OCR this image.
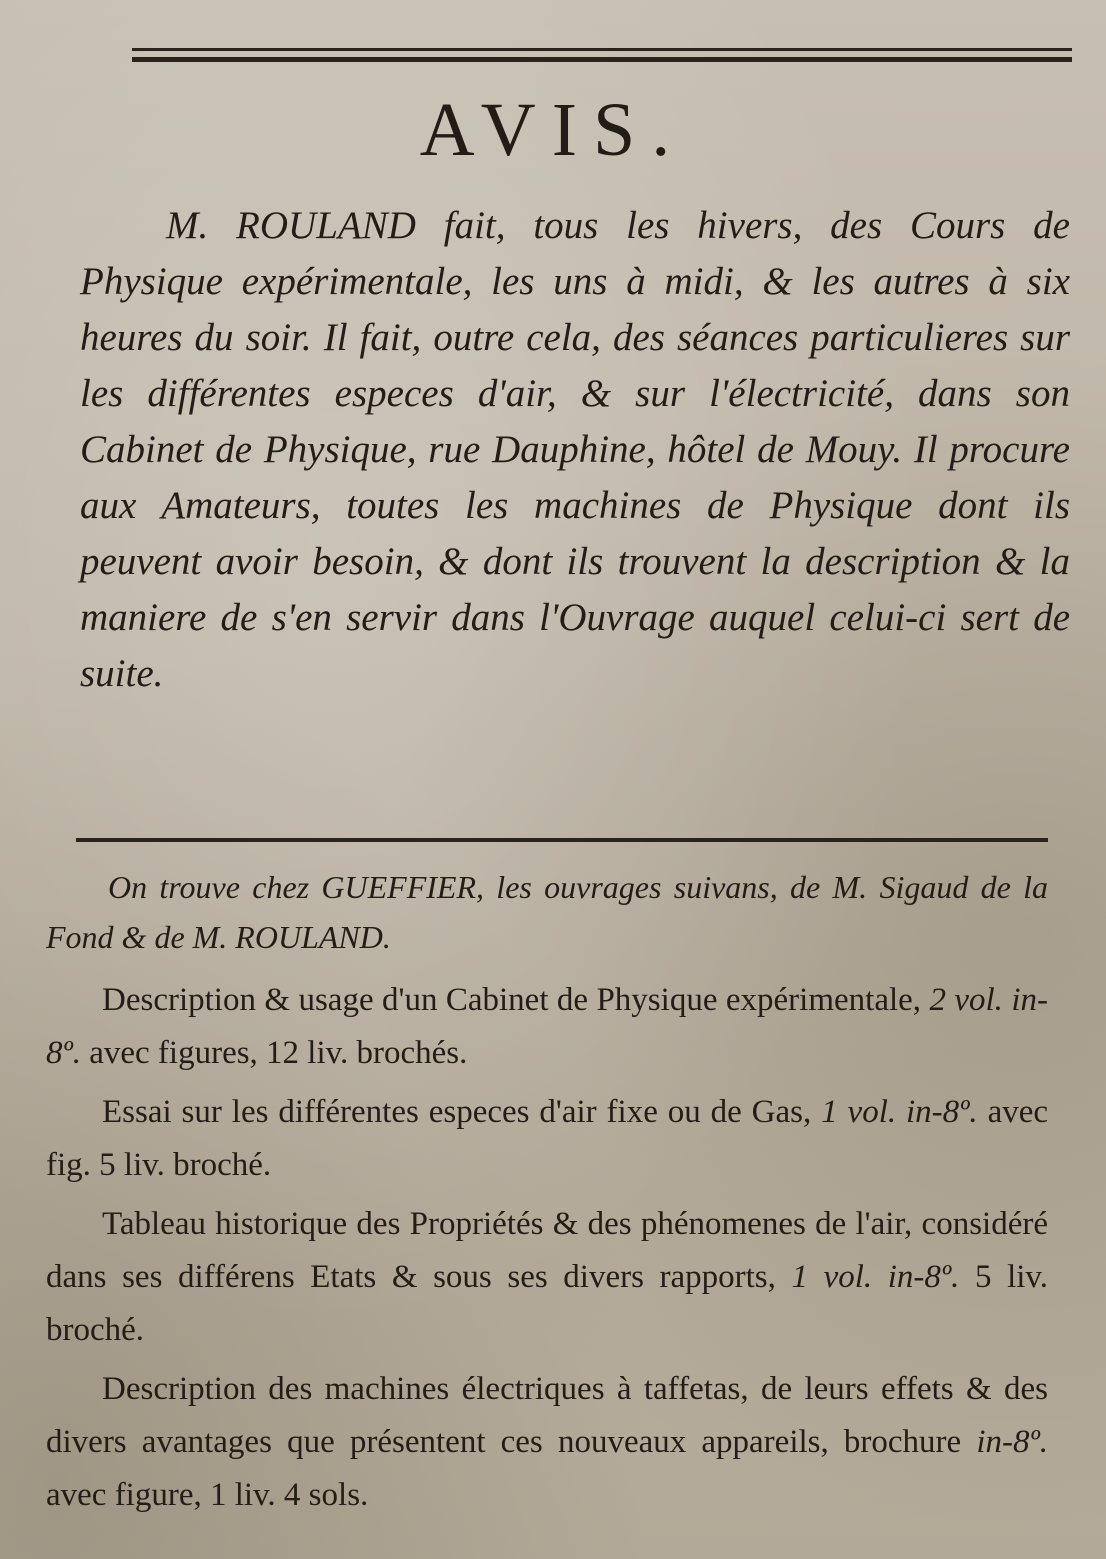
AVIS.

M. ROULAND fait, tous les hivers, des Cours de Physique expérimentale, les uns à midi, & les autres à six heures du soir. Il fait, outre cela, des séances particulieres sur les différentes especes d'air, & sur l'électricité, dans son Cabinet de Physique, rue Dauphine, hôtel de Mouy. Il procure aux Amateurs, toutes les machines de Physique dont ils peuvent avoir besoin, & dont ils trouvent la description & la maniere de s'en servir dans l'Ouvrage auquel celui-ci sert de suite.

On trouve chez GUEFFIER, les ouvrages suivans, de M. Sigaud de la Fond & de M. ROULAND.

Description & usage d'un Cabinet de Physique expérimentale, 2 vol. in-8º. avec figures, 12 liv. brochés.

Essai sur les différentes especes d'air fixe ou de Gas, 1 vol. in-8º. avec fig. 5 liv. broché.

Tableau historique des Propriétés & des phénomenes de l'air, considéré dans ses différens Etats & sous ses divers rapports, 1 vol. in-8º. 5 liv. broché.

Description des machines électriques à taffetas, de leurs effets & des divers avantages que présentent ces nouveaux appareils, brochure in-8º. avec figure, 1 liv. 4 sols.
